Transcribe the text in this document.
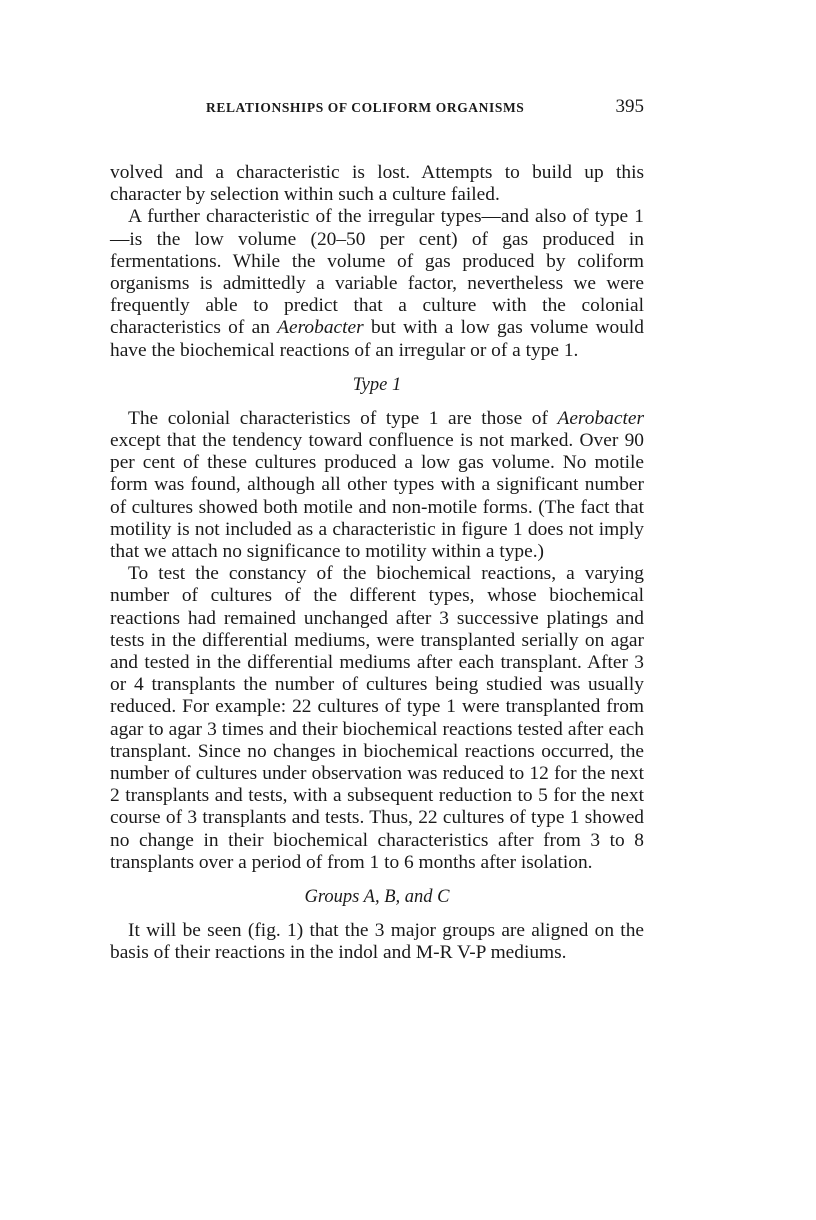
RELATIONSHIPS OF COLIFORM ORGANISMS	395

volved and a characteristic is lost. Attempts to build up this character by selection within such a culture failed.

A further characteristic of the irregular types—and also of type 1—is the low volume (20–50 per cent) of gas produced in fermentations. While the volume of gas produced by coliform organisms is admittedly a variable factor, nevertheless we were frequently able to predict that a culture with the colonial characteristics of an Aerobacter but with a low gas volume would have the biochemical reactions of an irregular or of a type 1.

Type 1

The colonial characteristics of type 1 are those of Aerobacter except that the tendency toward confluence is not marked. Over 90 per cent of these cultures produced a low gas volume. No motile form was found, although all other types with a significant number of cultures showed both motile and non-motile forms. (The fact that motility is not included as a characteristic in figure 1 does not imply that we attach no significance to motility within a type.)

To test the constancy of the biochemical reactions, a varying number of cultures of the different types, whose biochemical reactions had remained unchanged after 3 successive platings and tests in the differential mediums, were transplanted serially on agar and tested in the differential mediums after each transplant. After 3 or 4 transplants the number of cultures being studied was usually reduced. For example: 22 cultures of type 1 were transplanted from agar to agar 3 times and their biochemical reactions tested after each transplant. Since no changes in biochemical reactions occurred, the number of cultures under observation was reduced to 12 for the next 2 transplants and tests, with a subsequent reduction to 5 for the next course of 3 transplants and tests. Thus, 22 cultures of type 1 showed no change in their biochemical characteristics after from 3 to 8 transplants over a period of from 1 to 6 months after isolation.

Groups A, B, and C

It will be seen (fig. 1) that the 3 major groups are aligned on the basis of their reactions in the indol and M-R V-P mediums.
